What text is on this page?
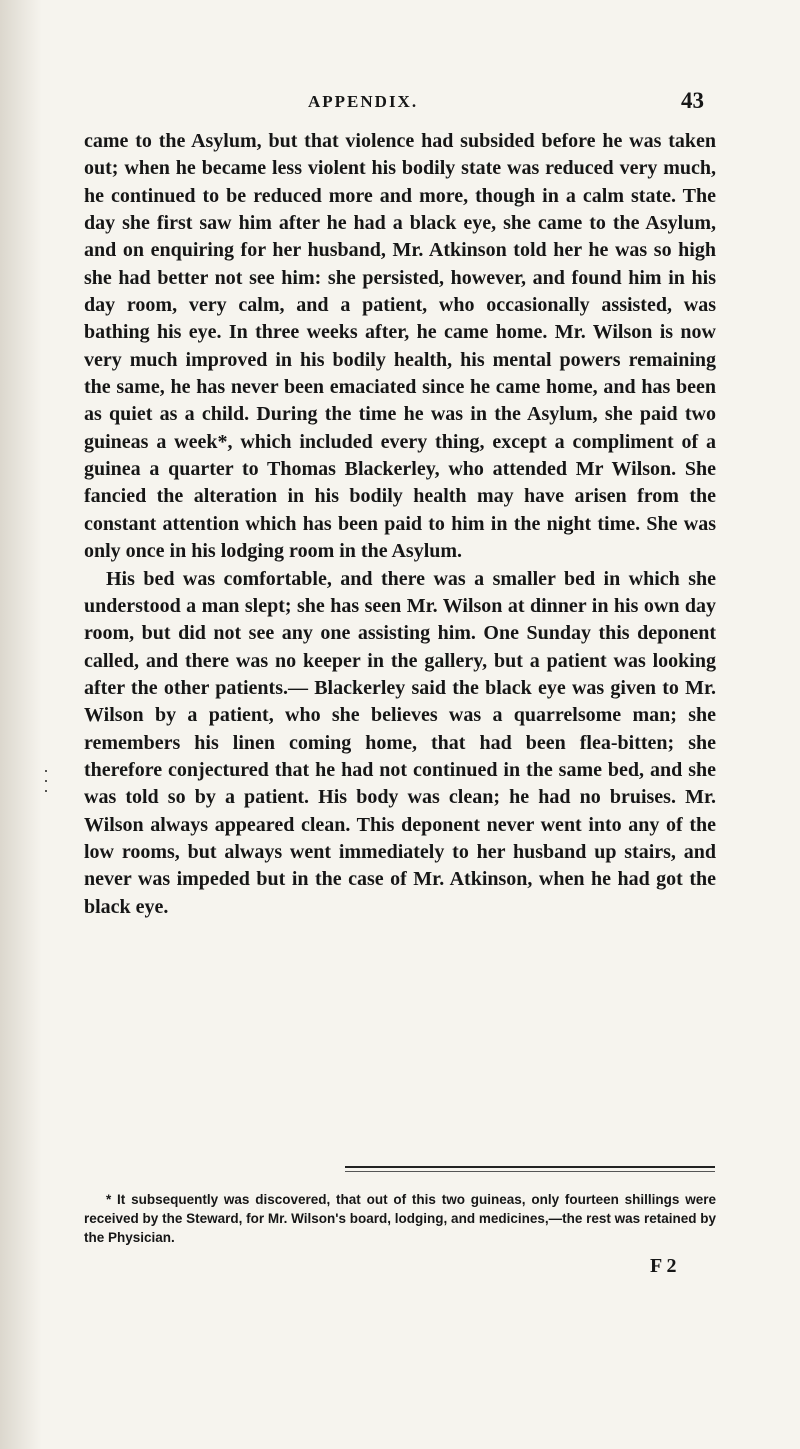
APPENDIX.	43

came to the Asylum, but that violence had subsided before he was taken out; when he became less violent his bodily state was reduced very much, he continued to be reduced more and more, though in a calm state. The day she first saw him after he had a black eye, she came to the Asylum, and on enquiring for her husband, Mr. Atkinson told her he was so high she had better not see him: she persisted, however, and found him in his day room, very calm, and a patient, who occasionally assisted, was bathing his eye. In three weeks after, he came home. Mr. Wilson is now very much improved in his bodily health, his mental powers remaining the same, he has never been emaciated since he came home, and has been as quiet as a child. During the time he was in the Asylum, she paid two guineas a week*, which included every thing, except a compliment of a guinea a quarter to Thomas Blackerley, who attended Mr Wilson. She fancied the alteration in his bodily health may have arisen from the constant attention which has been paid to him in the night time. She was only once in his lodging room in the Asylum.

His bed was comfortable, and there was a smaller bed in which she understood a man slept; she has seen Mr. Wilson at dinner in his own day room, but did not see any one assisting him. One Sunday this deponent called, and there was no keeper in the gallery, but a patient was looking after the other patients.— Blackerley said the black eye was given to Mr. Wilson by a patient, who she believes was a quarrelsome man; she remembers his linen coming home, that had been flea-bitten; she therefore conjectured that he had not continued in the same bed, and she was told so by a patient. His body was clean; he had no bruises. Mr. Wilson always appeared clean. This deponent never went into any of the low rooms, but always went immediately to her husband up stairs, and never was impeded but in the case of Mr. Atkinson, when he had got the black eye.

* It subsequently was discovered, that out of this two guineas, only fourteen shillings were received by the Steward, for Mr. Wilson's board, lodging, and medicines,—the rest was retained by the Physician.

F 2
